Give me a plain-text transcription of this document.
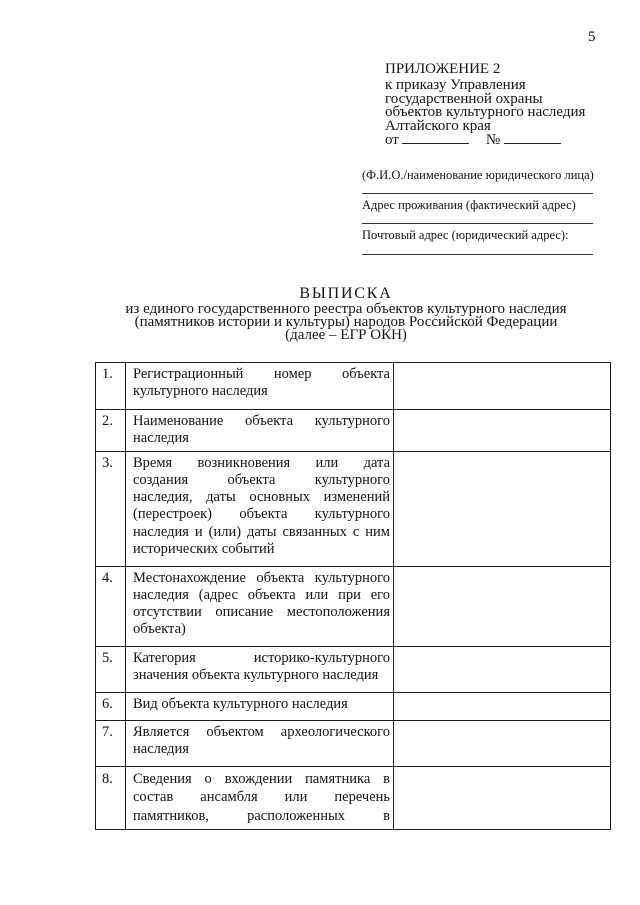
5
ПРИЛОЖЕНИЕ 2
к приказу Управления
государственной охраны
объектов культурного наследия
Алтайского края
от	№
(Ф.И.О./наименование юридического лица)
Адрес проживания (фактический адрес)
Почтовый адрес (юридический адрес):
ВЫПИСКА
из единого государственного реестра объектов культурного наследия
(памятников истории и культуры) народов Российской Федерации
(далее – ЕГР ОКН)
1.	Регистрационный номер объекта
культурного наследия
2.	Наименование объекта культурного
наследия
3.	Время возникновения или дата
создания объекта культурного
наследия, даты основных изменений
(перестроек) объекта культурного
наследия и (или) даты связанных с ним
исторических событий
4.	Местонахождение объекта культурного
наследия (адрес объекта или при его
отсутствии описание местоположения
объекта)
5.	Категория историко-культурного
значения объекта культурного наследия
6.	Вид объекта культурного наследия
7.	Является объектом археологического
наследия
8.	Сведения о вхождении памятника в
состав ансамбля или перечень
памятников, расположенных в
